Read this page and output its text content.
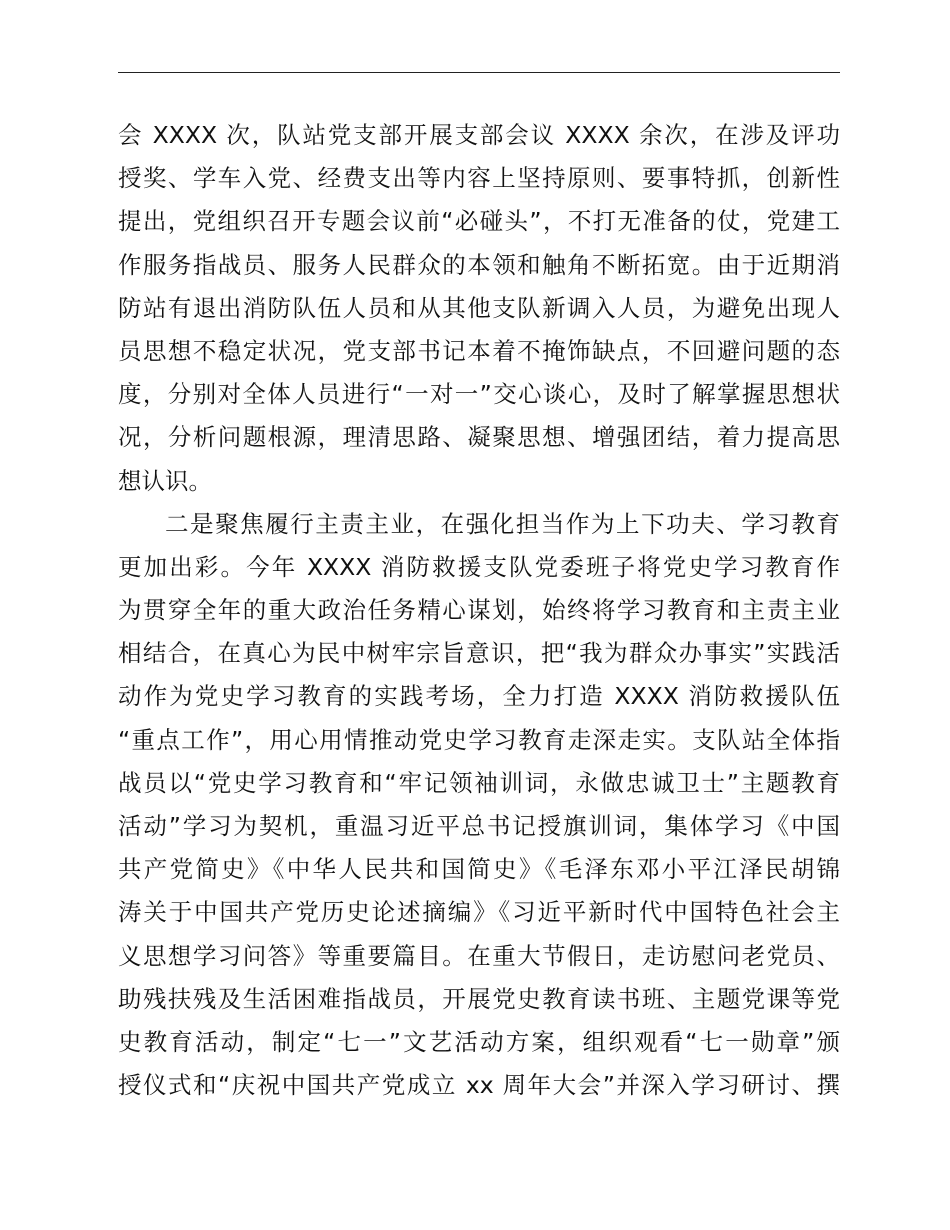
会 XXXX 次，队站党支部开展支部会议 XXXX 余次，在涉及评功
授奖、学车入党、经费支出等内容上坚持原则、要事特抓，创新性
提出，党组织召开专题会议前“必碰头”，不打无准备的仗，党建工
作服务指战员、服务人民群众的本领和触角不断拓宽。由于近期消
防站有退出消防队伍人员和从其他支队新调入人员，为避免出现人
员思想不稳定状况，党支部书记本着不掩饰缺点，不回避问题的态
度，分别对全体人员进行“一对一”交心谈心，及时了解掌握思想状
况，分析问题根源，理清思路、凝聚思想、增强团结，着力提高思
想认识。
二是聚焦履行主责主业，在强化担当作为上下功夫、学习教育
更加出彩。今年 XXXX 消防救援支队党委班子将党史学习教育作
为贯穿全年的重大政治任务精心谋划，始终将学习教育和主责主业
相结合，在真心为民中树牢宗旨意识，把“我为群众办事实”实践活
动作为党史学习教育的实践考场，全力打造 XXXX 消防救援队伍
“重点工作”，用心用情推动党史学习教育走深走实。支队站全体指
战员以“党史学习教育和“牢记领袖训词，永做忠诚卫士”主题教育
活动”学习为契机，重温习近平总书记授旗训词，集体学习《中国
共产党简史》《中华人民共和国简史》《毛泽东邓小平江泽民胡锦
涛关于中国共产党历史论述摘编》《习近平新时代中国特色社会主
义思想学习问答》等重要篇目。在重大节假日，走访慰问老党员、
助残扶残及生活困难指战员，开展党史教育读书班、主题党课等党
史教育活动，制定“七一”文艺活动方案，组织观看“七一勋章”颁
授仪式和“庆祝中国共产党成立 xx 周年大会”并深入学习研讨、撰
